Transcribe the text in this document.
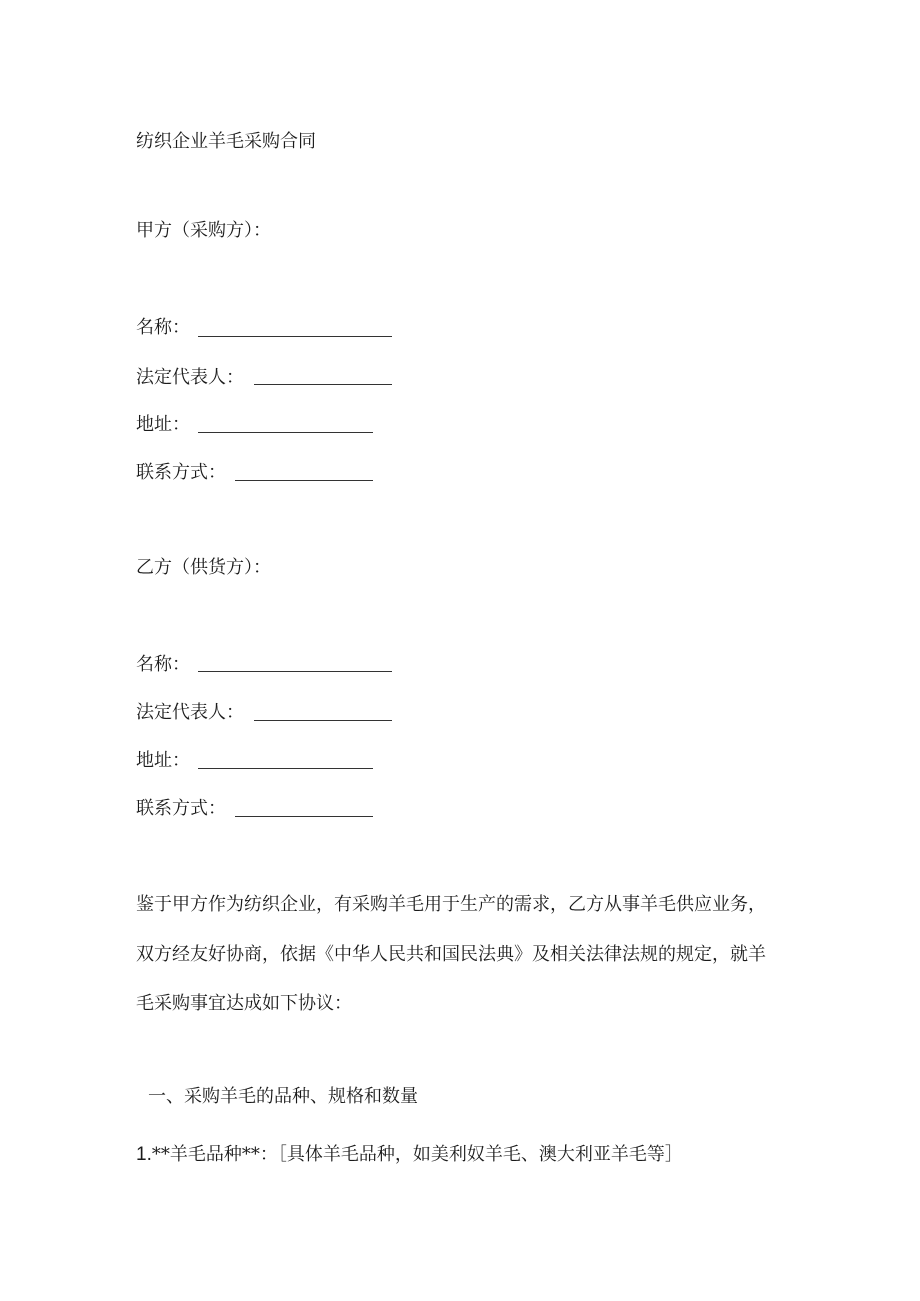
纺织企业羊毛采购合同
甲方（采购方）：
名称：
法定代表人：
地址：
联系方式：
乙方（供货方）：
名称：
法定代表人：
地址：
联系方式：
鉴于甲方作为纺织企业，有采购羊毛用于生产的需求，乙方从事羊毛供应业务，
双方经友好协商，依据《中华人民共和国民法典》及相关法律法规的规定，就羊
毛采购事宜达成如下协议：
一、采购羊毛的品种、规格和数量
1.**羊毛品种**：［具体羊毛品种，如美利奴羊毛、澳大利亚羊毛等］
